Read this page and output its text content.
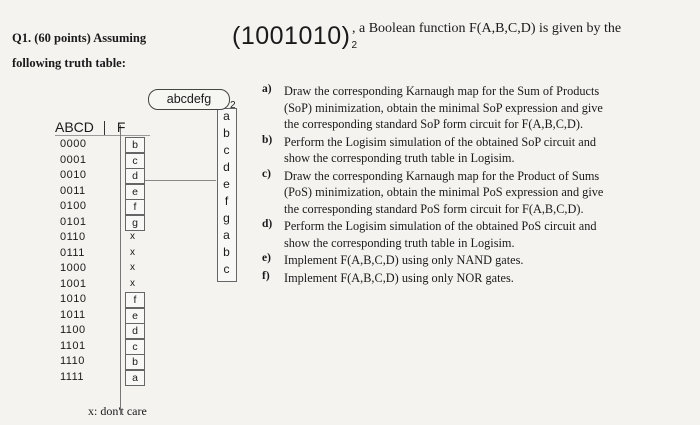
Q1. (60 points) Assuming	(1001010)2
, a Boolean function F(A,B,C,D) is given by the
following truth table:
abcdefg	2
a
b
c
d
e
f
g
a
b
c
ABCD F
0000	b
0001	c
0010	d
0011	e
0100	f
0101	g
0110	x
0111	x
1000	x
1001	x
1010	f
1011	e
1100	d
1101	c
1110	b
1111	a
x: don't care
a) Draw the corresponding Karnaugh map for the Sum of Products
(SoP) minimization, obtain the minimal SoP expression and give
the corresponding standard SoP form circuit for F(A,B,C,D).
b) Perform the Logisim simulation of the obtained SoP circuit and
show the corresponding truth table in Logisim.
c) Draw the corresponding Karnaugh map for the Product of Sums
(PoS) minimization, obtain the minimal PoS expression and give
the corresponding standard PoS form circuit for F(A,B,C,D).
d) Perform the Logisim simulation of the obtained PoS circuit and
show the corresponding truth table in Logisim.
e) Implement F(A,B,C,D) using only NAND gates.
f) Implement F(A,B,C,D) using only NOR gates.
